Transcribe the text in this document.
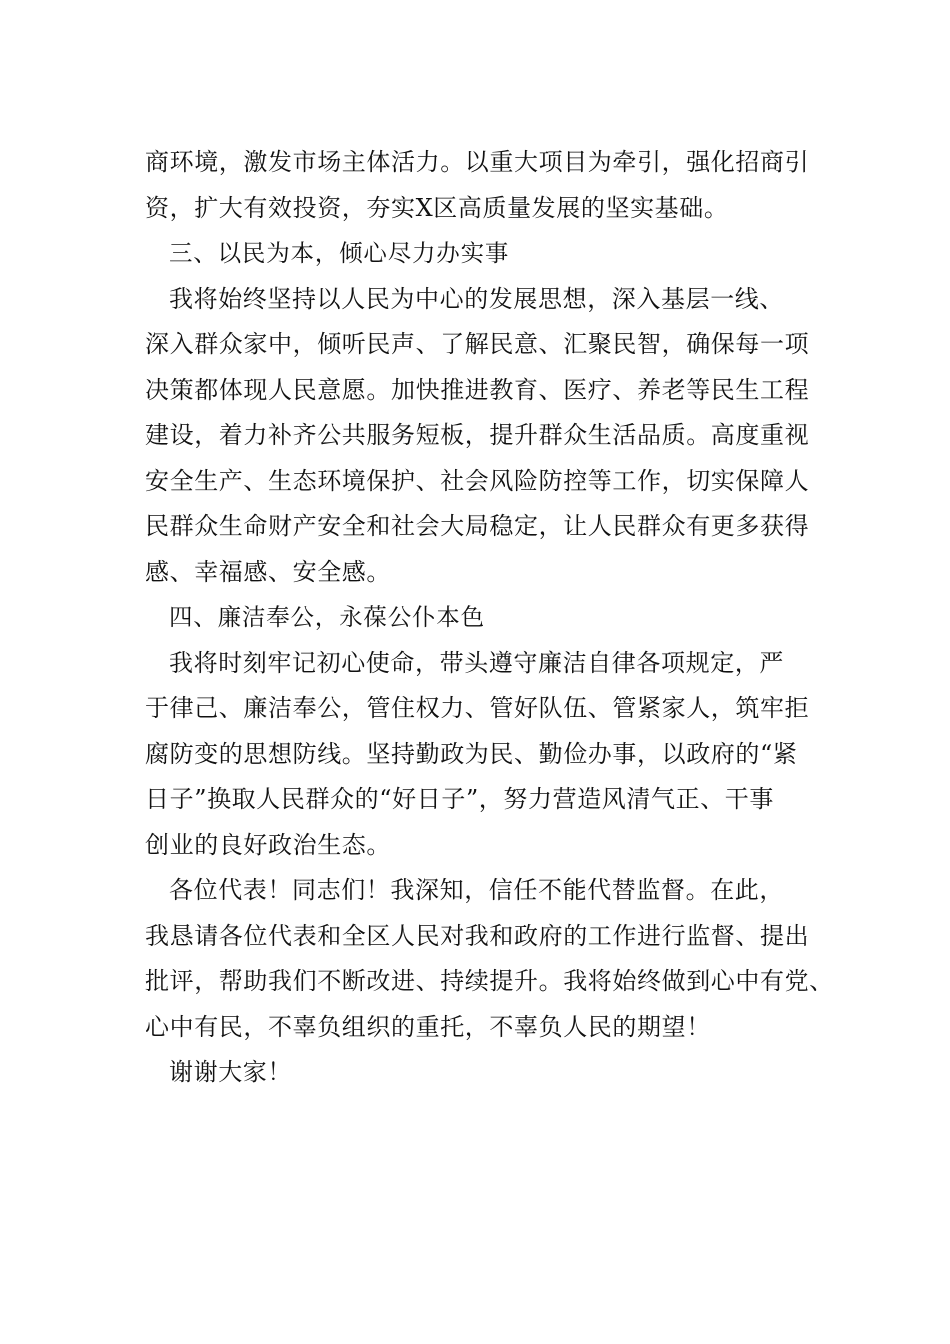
商环境，激发市场主体活力。以重大项目为牵引，强化招商引
资，扩大有效投资，夯实X区高质量发展的坚实基础。
三、以民为本，倾心尽力办实事
我将始终坚持以人民为中心的发展思想，深入基层一线、
深入群众家中，倾听民声、了解民意、汇聚民智，确保每一项
决策都体现人民意愿。加快推进教育、医疗、养老等民生工程
建设，着力补齐公共服务短板，提升群众生活品质。高度重视
安全生产、生态环境保护、社会风险防控等工作，切实保障人
民群众生命财产安全和社会大局稳定，让人民群众有更多获得
感、幸福感、安全感。
四、廉洁奉公，永葆公仆本色
我将时刻牢记初心使命，带头遵守廉洁自律各项规定，严
于律己、廉洁奉公，管住权力、管好队伍、管紧家人，筑牢拒
腐防变的思想防线。坚持勤政为民、勤俭办事，以政府的“紧
日子”换取人民群众的“好日子”，努力营造风清气正、干事
创业的良好政治生态。
各位代表！同志们！我深知，信任不能代替监督。在此，
我恳请各位代表和全区人民对我和政府的工作进行监督、提出
批评，帮助我们不断改进、持续提升。我将始终做到心中有党、
心中有民，不辜负组织的重托，不辜负人民的期望！
谢谢大家！
